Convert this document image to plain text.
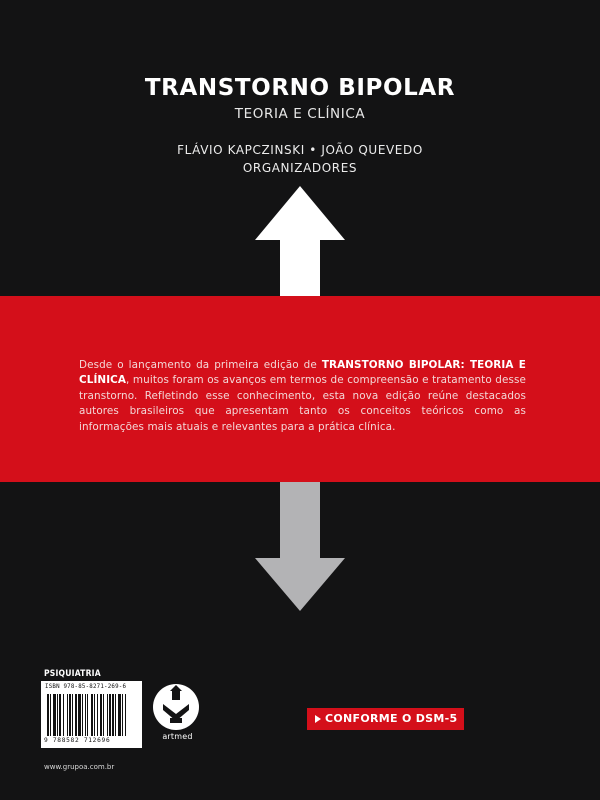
TRANSTORNO BIPOLAR
TEORIA E CLÍNICA
FLÁVIO KAPCZINSKI • JOÃO QUEVEDO
ORGANIZADORES
Desde o lançamento da primeira edição de TRANSTORNO BIPOLAR: TEORIA E CLÍNICA, muitos foram os avanços em termos de compreensão e tratamento desse transtorno. Refletindo esse conhecimento, esta nova edição reúne destacados autores brasileiros que apresentam tanto os conceitos teóricos como as informações mais atuais e relevantes para a prática clínica.
PSIQUIATRIA
ISBN 978-85-8271-269-6
9 788582 712696	artmed
www.grupoa.com.br
CONFORME O DSM-5
